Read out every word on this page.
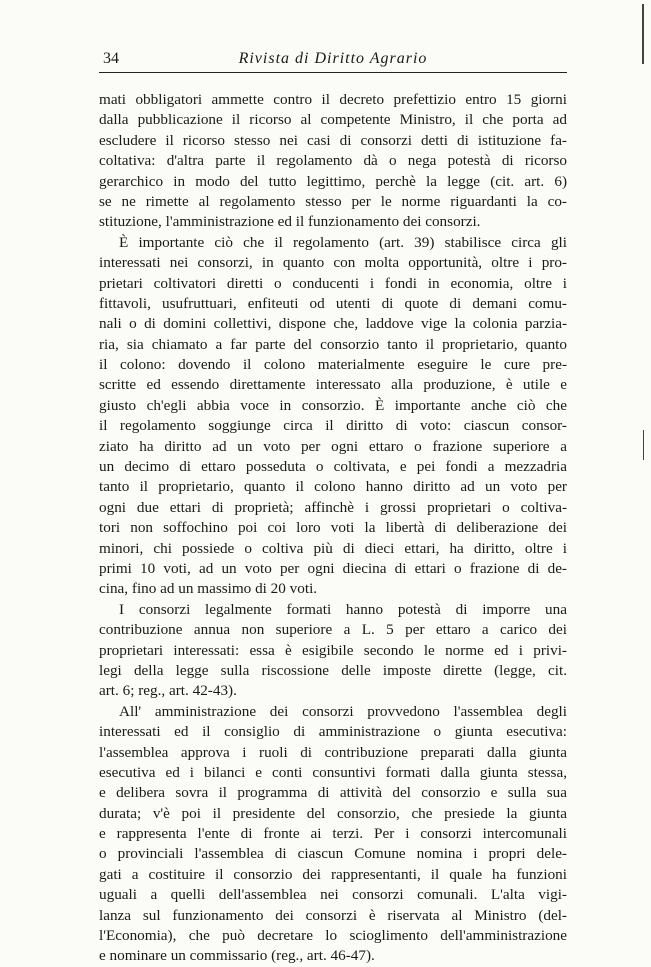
34	Rivista di Diritto Agrario
mati obbligatori ammette contro il decreto prefettizio entro 15 giorni
dalla pubblicazione il ricorso al competente Ministro, il che porta ad
escludere il ricorso stesso nei casi di consorzi detti di istituzione fa-
coltativa: d'altra parte il regolamento dà o nega potestà di ricorso
gerarchico in modo del tutto legittimo, perchè la legge (cit. art. 6)
se ne rimette al regolamento stesso per le norme riguardanti la co-
stituzione, l'amministrazione ed il funzionamento dei consorzi.
È importante ciò che il regolamento (art. 39) stabilisce circa gli
interessati nei consorzi, in quanto con molta opportunità, oltre i pro-
prietari coltivatori diretti o conducenti i fondi in economia, oltre i
fittavoli, usufruttuari, enfiteuti od utenti di quote di demani comu-
nali o di domini collettivi, dispone che, laddove vige la colonia parzia-
ria, sia chiamato a far parte del consorzio tanto il proprietario, quanto
il colono: dovendo il colono materialmente eseguire le cure pre-
scritte ed essendo direttamente interessato alla produzione, è utile e
giusto ch'egli abbia voce in consorzio. È importante anche ciò che
il regolamento soggiunge circa il diritto di voto: ciascun consor-
ziato ha diritto ad un voto per ogni ettaro o frazione superiore a
un decimo di ettaro posseduta o coltivata, e pei fondi a mezzadria
tanto il proprietario, quanto il colono hanno diritto ad un voto per
ogni due ettari di proprietà; affinchè i grossi proprietari o coltiva-
tori non soffochino poi coi loro voti la libertà di deliberazione dei
minori, chi possiede o coltiva più di dieci ettari, ha diritto, oltre i
primi 10 voti, ad un voto per ogni diecina di ettari o frazione di de-
cina, fino ad un massimo di 20 voti.
I consorzi legalmente formati hanno potestà di imporre una
contribuzione annua non superiore a L. 5 per ettaro a carico dei
proprietari interessati: essa è esigibile secondo le norme ed i privi-
legi della legge sulla riscossione delle imposte dirette (legge, cit.
art. 6; reg., art. 42-43).
All' amministrazione dei consorzi provvedono l'assemblea degli
interessati ed il consiglio di amministrazione o giunta esecutiva:
l'assemblea approva i ruoli di contribuzione preparati dalla giunta
esecutiva ed i bilanci e conti consuntivi formati dalla giunta stessa,
e delibera sovra il programma di attività del consorzio e sulla sua
durata; v'è poi il presidente del consorzio, che presiede la giunta
e rappresenta l'ente di fronte ai terzi. Per i consorzi intercomunali
o provinciali l'assemblea di ciascun Comune nomina i propri dele-
gati a costituire il consorzio dei rappresentanti, il quale ha funzioni
uguali a quelli dell'assemblea nei consorzi comunali. L'alta vigi-
lanza sul funzionamento dei consorzi è riservata al Ministro (del-
l'Economia), che può decretare lo scioglimento dell'amministrazione
e nominare un commissario (reg., art. 46-47).
